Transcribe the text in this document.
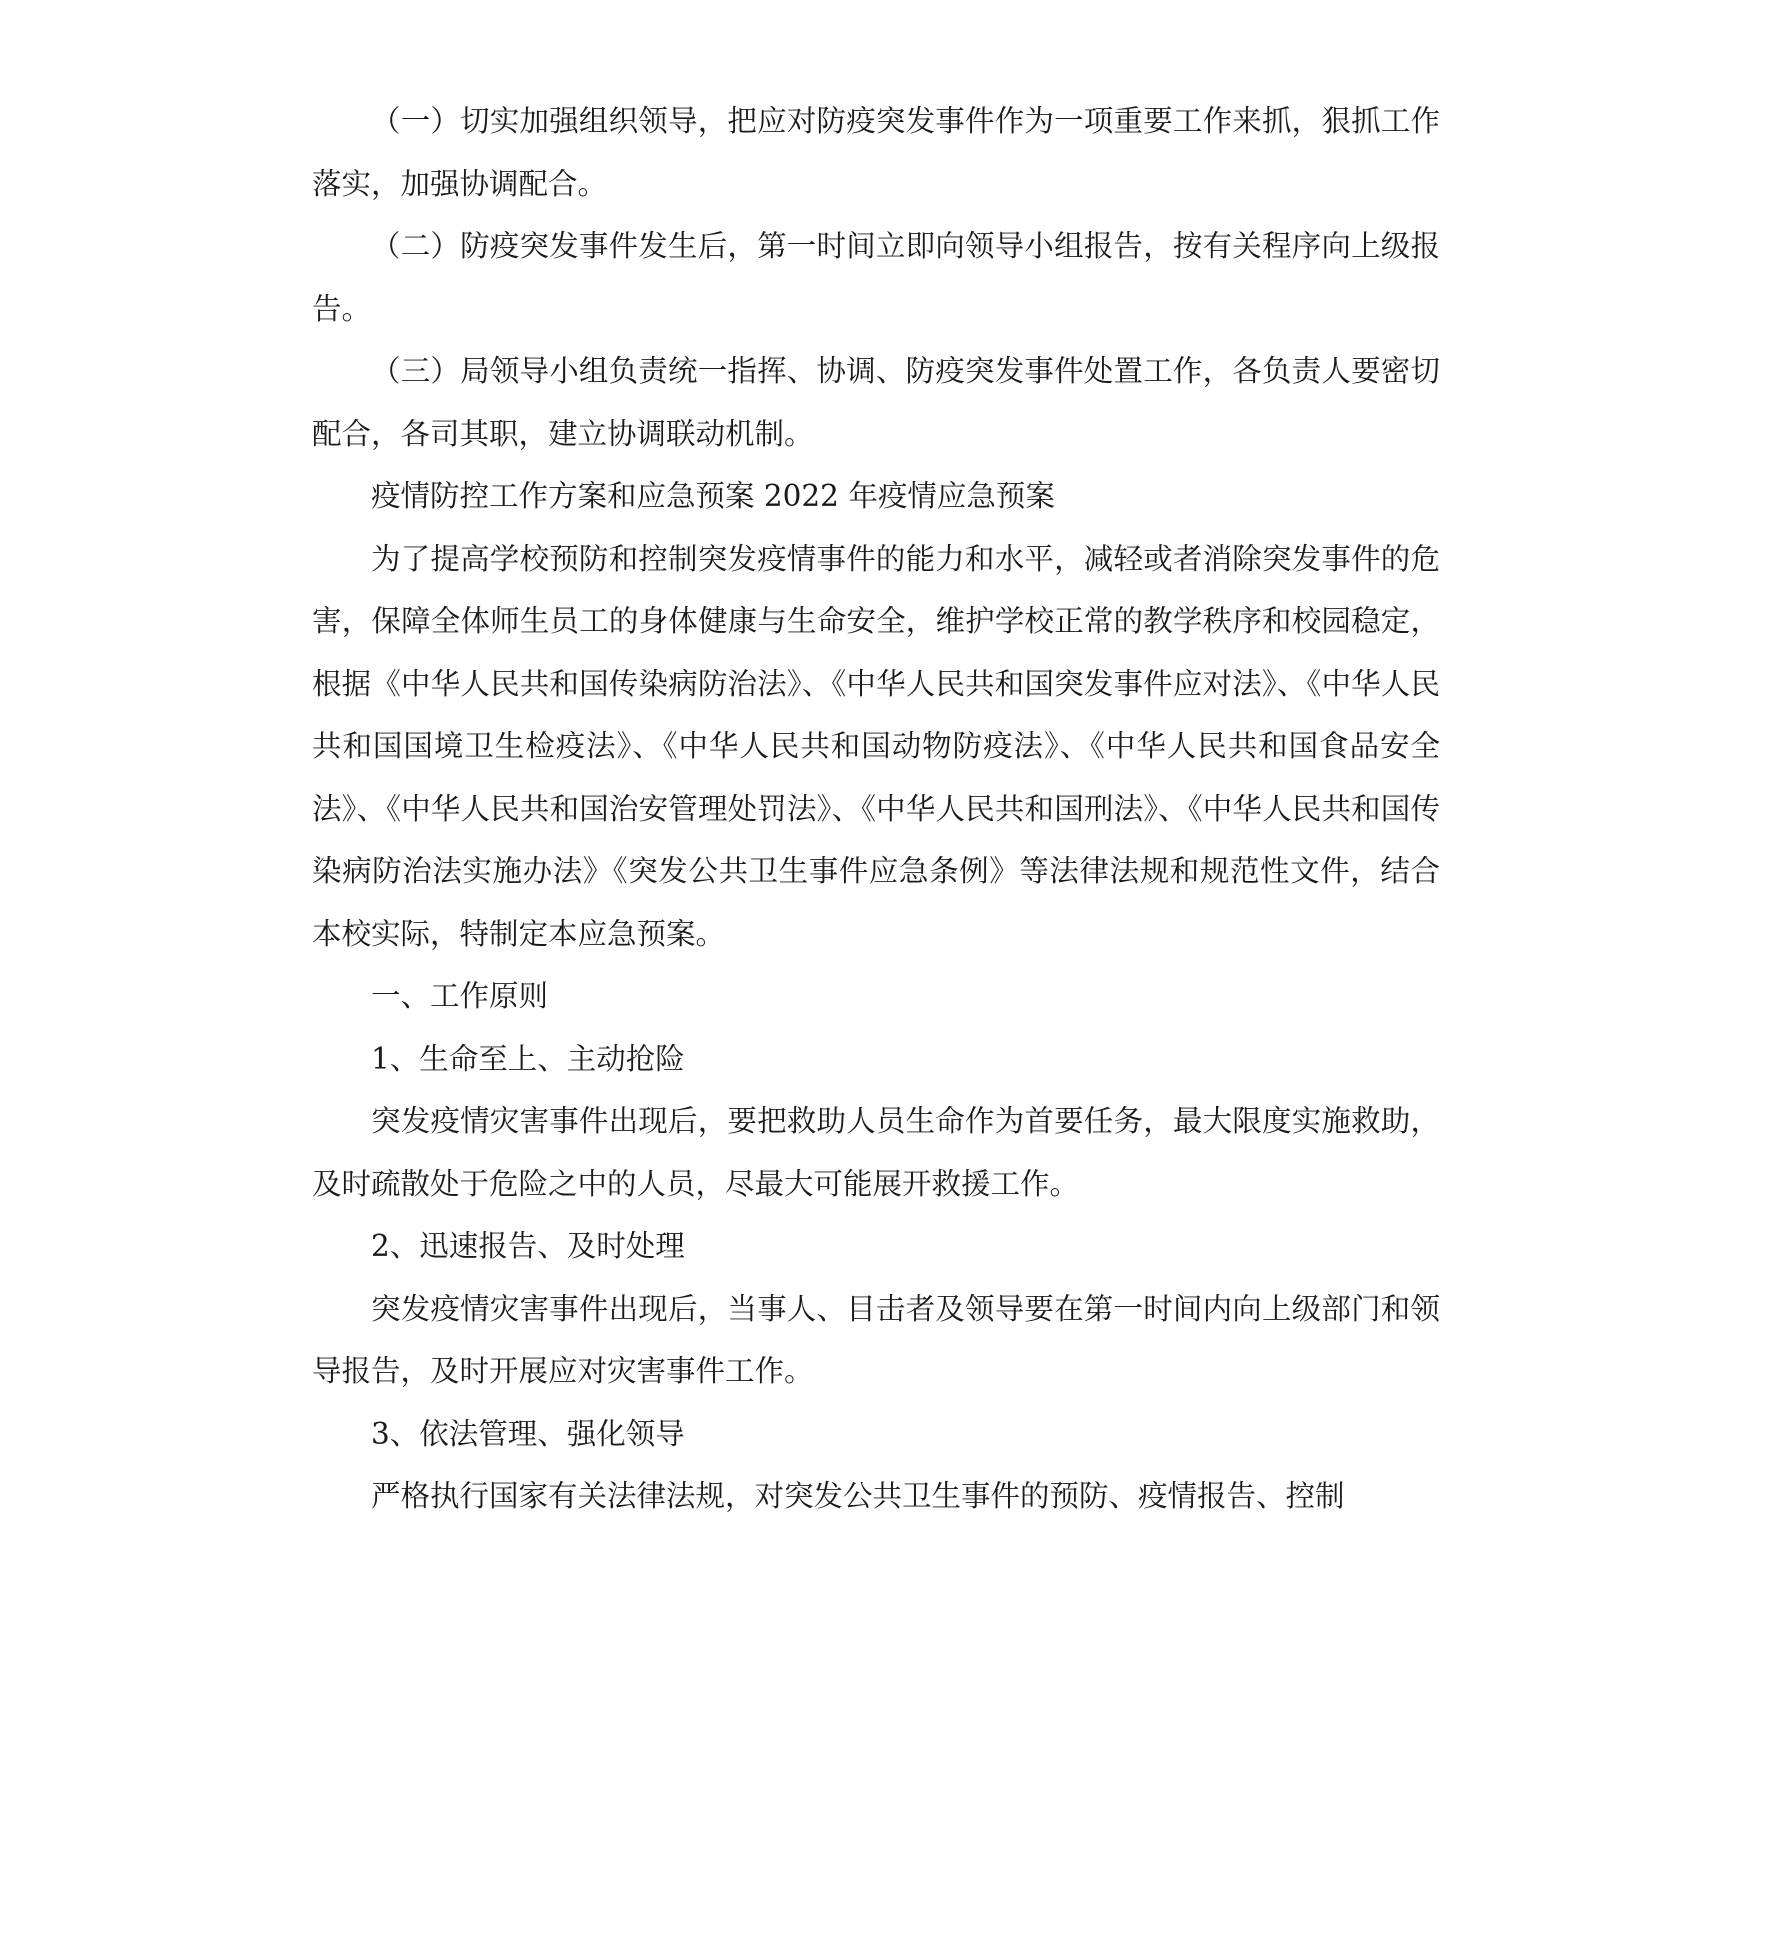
（一）切实加强组织领导，把应对防疫突发事件作为一项重要工作来抓，狠抓工作落实，加强协调配合。

（二）防疫突发事件发生后，第一时间立即向领导小组报告，按有关程序向上级报告。

（三）局领导小组负责统一指挥、协调、防疫突发事件处置工作，各负责人要密切配合，各司其职，建立协调联动机制。

疫情防控工作方案和应急预案 2022 年疫情应急预案

为了提高学校预防和控制突发疫情事件的能力和水平，减轻或者消除突发事件的危害，保障全体师生员工的身体健康与生命安全，维护学校正常的教学秩序和校园稳定，根据《中华人民共和国传染病防治法》、《中华人民共和国突发事件应对法》、《中华人民共和国国境卫生检疫法》、《中华人民共和国动物防疫法》、《中华人民共和国食品安全法》、《中华人民共和国治安管理处罚法》、《中华人民共和国刑法》、《中华人民共和国传染病防治法实施办法》《突发公共卫生事件应急条例》等法律法规和规范性文件，结合本校实际，特制定本应急预案。

一、工作原则

1、生命至上、主动抢险

突发疫情灾害事件出现后，要把救助人员生命作为首要任务，最大限度实施救助，及时疏散处于危险之中的人员，尽最大可能展开救援工作。

2、迅速报告、及时处理

突发疫情灾害事件出现后，当事人、目击者及领导要在第一时间内向上级部门和领导报告，及时开展应对灾害事件工作。

3、依法管理、强化领导

严格执行国家有关法律法规，对突发公共卫生事件的预防、疫情报告、控制
